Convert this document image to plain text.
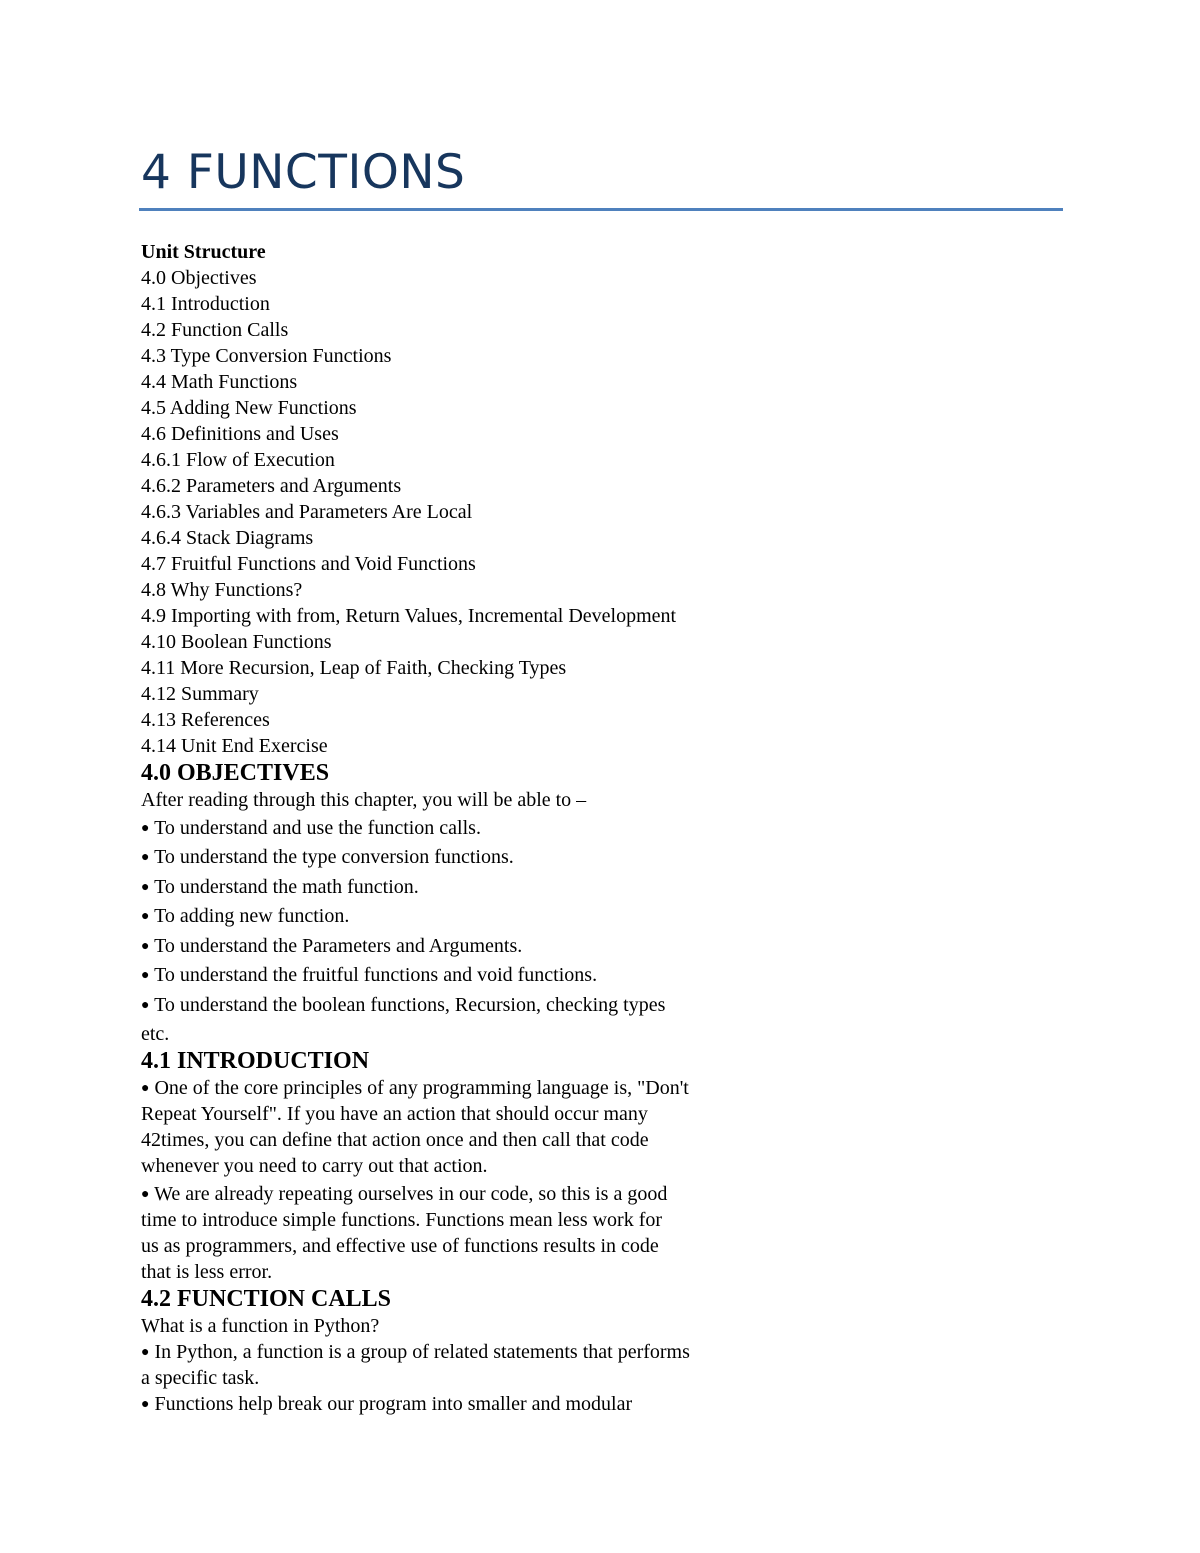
4 FUNCTIONS
Unit Structure
4.0 Objectives
4.1 Introduction
4.2 Function Calls
4.3 Type Conversion Functions
4.4 Math Functions
4.5 Adding New Functions
4.6 Definitions and Uses
4.6.1 Flow of Execution
4.6.2 Parameters and Arguments
4.6.3 Variables and Parameters Are Local
4.6.4 Stack Diagrams
4.7 Fruitful Functions and Void Functions
4.8 Why Functions?
4.9 Importing with from, Return Values, Incremental Development
4.10 Boolean Functions
4.11 More Recursion, Leap of Faith, Checking Types
4.12 Summary
4.13 References
4.14 Unit End Exercise
4.0 OBJECTIVES
After reading through this chapter, you will be able to –
● To understand and use the function calls.
● To understand the type conversion functions.
● To understand the math function.
● To adding new function.
● To understand the Parameters and Arguments.
● To understand the fruitful functions and void functions.
● To understand the boolean functions, Recursion, checking types
etc.
4.1 INTRODUCTION
● One of the core principles of any programming language is, "Don't
Repeat Yourself". If you have an action that should occur many
42times, you can define that action once and then call that code
whenever you need to carry out that action.
● We are already repeating ourselves in our code, so this is a good
time to introduce simple functions. Functions mean less work for
us as programmers, and effective use of functions results in code
that is less error.
4.2 FUNCTION CALLS
What is a function in Python?
● In Python, a function is a group of related statements that performs
a specific task.
● Functions help break our program into smaller and modular
